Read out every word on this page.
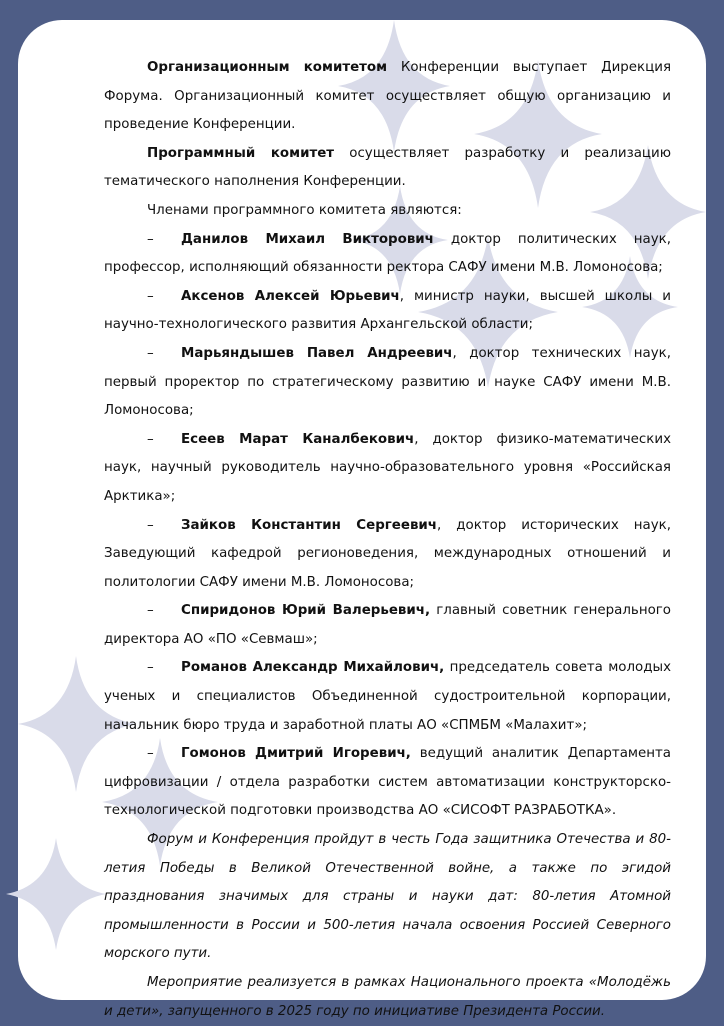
Организационным комитетом Конференции выступает Дирекция Форума. Организационный комитет осуществляет общую организацию и проведение Конференции.

Программный комитет осуществляет разработку и реализацию тематического наполнения Конференции.

Членами программного комитета являются:

– Данилов Михаил Викторович доктор политических наук, профессор, исполняющий обязанности ректора САФУ имени М.В. Ломоносова;

– Аксенов Алексей Юрьевич, министр науки, высшей школы и научно-технологического развития Архангельской области;

– Марьяндышев Павел Андреевич, доктор технических наук, первый проректор по стратегическому развитию и науке САФУ имени М.В. Ломоносова;

– Есеев Марат Каналбекович, доктор физико-математических наук, научный руководитель научно-образовательного уровня «Российская Арктика»;

– Зайков Константин Сергеевич, доктор исторических наук, Заведующий кафедрой регионоведения, международных отношений и политологии САФУ имени М.В. Ломоносова;

– Спиридонов Юрий Валерьевич, главный советник генерального директора АО «ПО «Севмаш»;

– Романов Александр Михайлович, председатель совета молодых ученых и специалистов Объединенной судостроительной корпорации, начальник бюро труда и заработной платы АО «СПМБМ «Малахит»;

– Гомонов Дмитрий Игоревич, ведущий аналитик Департамента цифровизации / отдела разработки систем автоматизации конструкторско-технологической подготовки производства АО «СИСОФТ РАЗРАБОТКА».

Форум и Конференция пройдут в честь Года защитника Отечества и 80-летия Победы в Великой Отечественной войне, а также по эгидой празднования значимых для страны и науки дат: 80-летия Атомной промышленности в России и 500-летия начала освоения Россией Северного морского пути.

Мероприятие реализуется в рамках Национального проекта «Молодёжь и дети», запущенного в 2025 году по инициативе Президента России.
